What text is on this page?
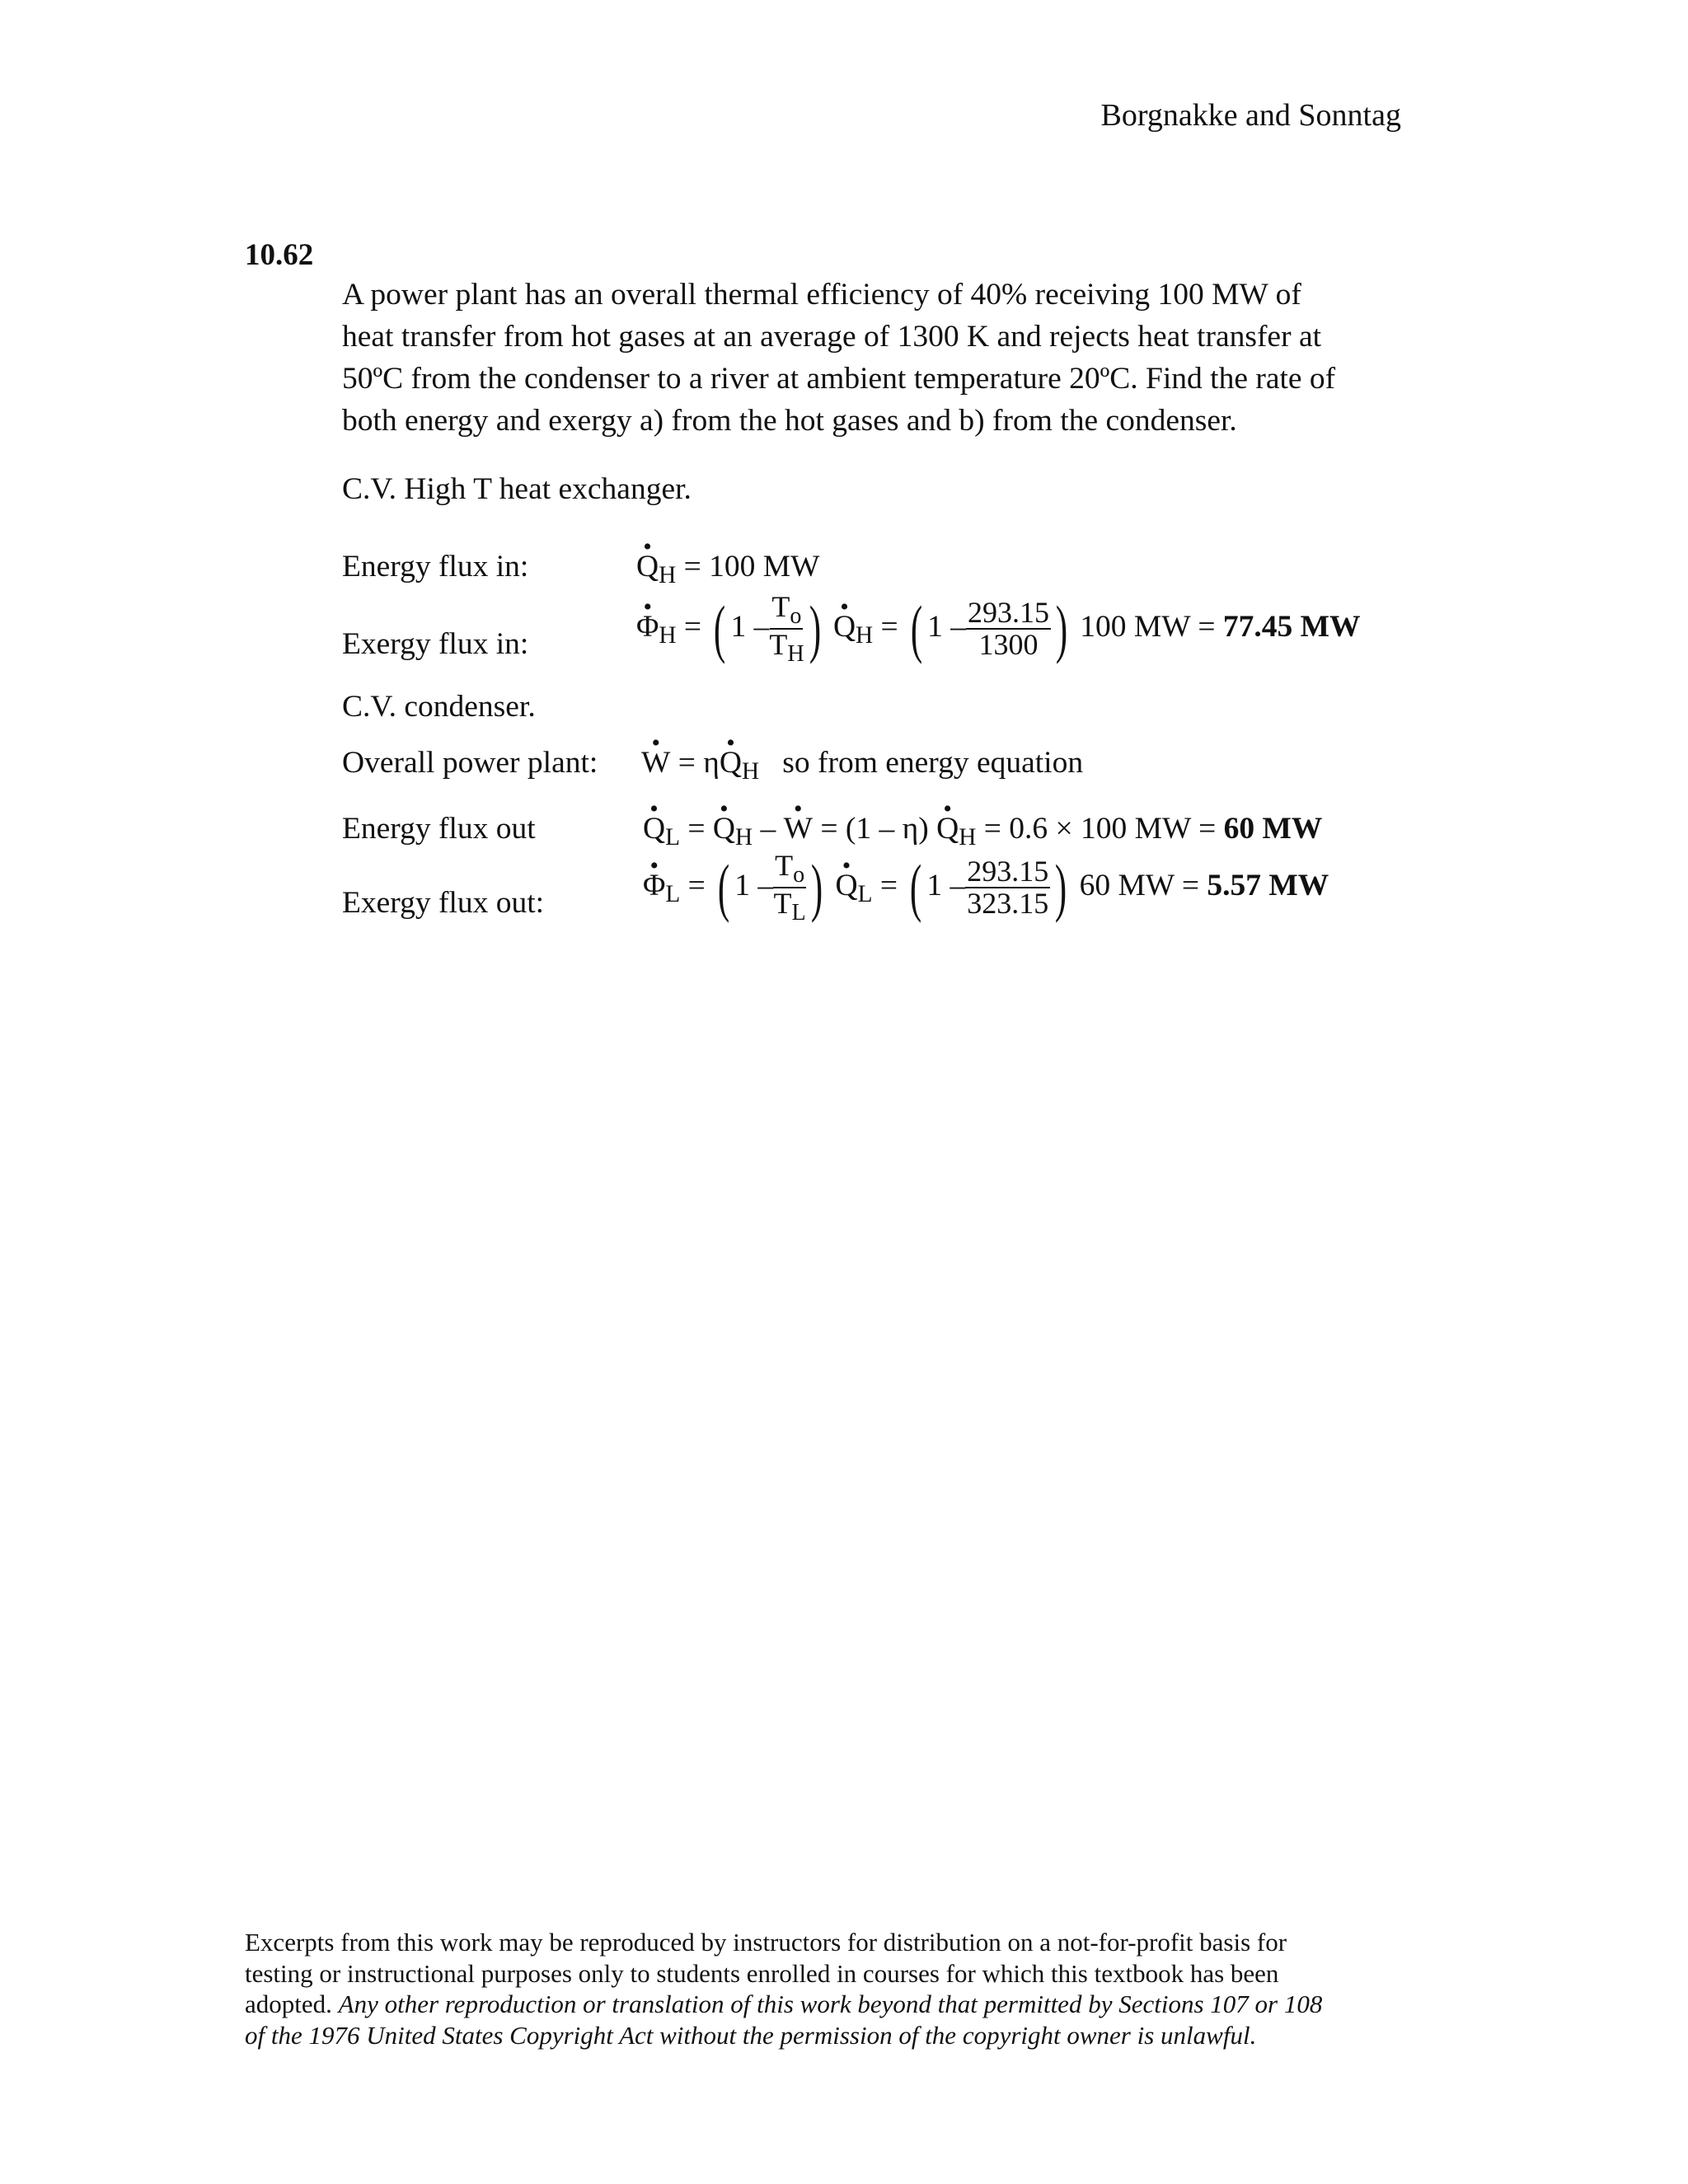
Borgnakke and Sonntag
10.62

A power plant has an overall thermal efficiency of 40% receiving 100 MW of

heat transfer from hot gases at an average of 1300 K and rejects heat transfer at

50ºC from the condenser to a river at ambient temperature 20ºC. Find the rate of

both energy and exergy a) from the hot gases and b) from the condenser.

C.V. High T heat exchanger.
Energy flux in:	• $Q_H = 100$ MW
Exergy flux in:
• $\Phi_H$ = ( $1 - \frac{T_o}{T_H}$ ) • $Q_H$ = ( $1 - \frac{293.15}{1300}$ ) 100 MW = 77.45 MW
C.V. condenser.
Overall power plant: • W = η• $Q_H$ so from energy equation
Energy flux out	• $Q_L$ = • $Q_H$ – • W = (1 – η) • $Q_H = 0.6 \times 100$ MW = 60 MW
Exergy flux out:
• $\Phi_L$ = ( $1 - \frac{T_o}{T_L}$ ) • $Q_L$ = ( $1 - \frac{293.15}{323.15}$ ) 60 MW = 5.57 MW

Excerpts from this work may be reproduced by instructors for distribution on a not-for-profit basis for

testing or instructional purposes only to students enrolled in courses for which this textbook has been

adopted. Any other reproduction or translation of this work beyond that permitted by Sections 107 or 108

of the 1976 United States Copyright Act without the permission of the copyright owner is unlawful.
